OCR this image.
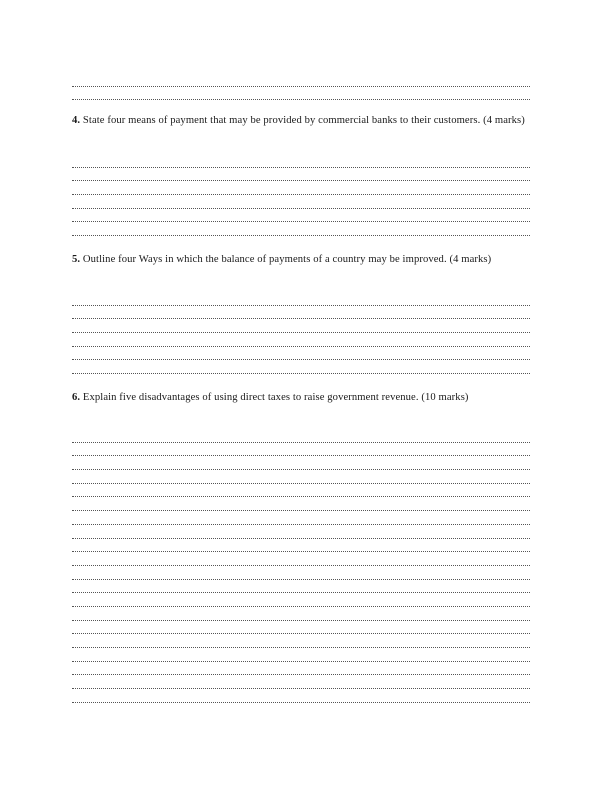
4. State four means of payment that may be provided by commercial banks to their customers. (4 marks)

5. Outline four Ways in which the balance of payments of a country may be improved. (4 marks)

6. Explain five disadvantages of using direct taxes to raise government revenue. (10 marks)
